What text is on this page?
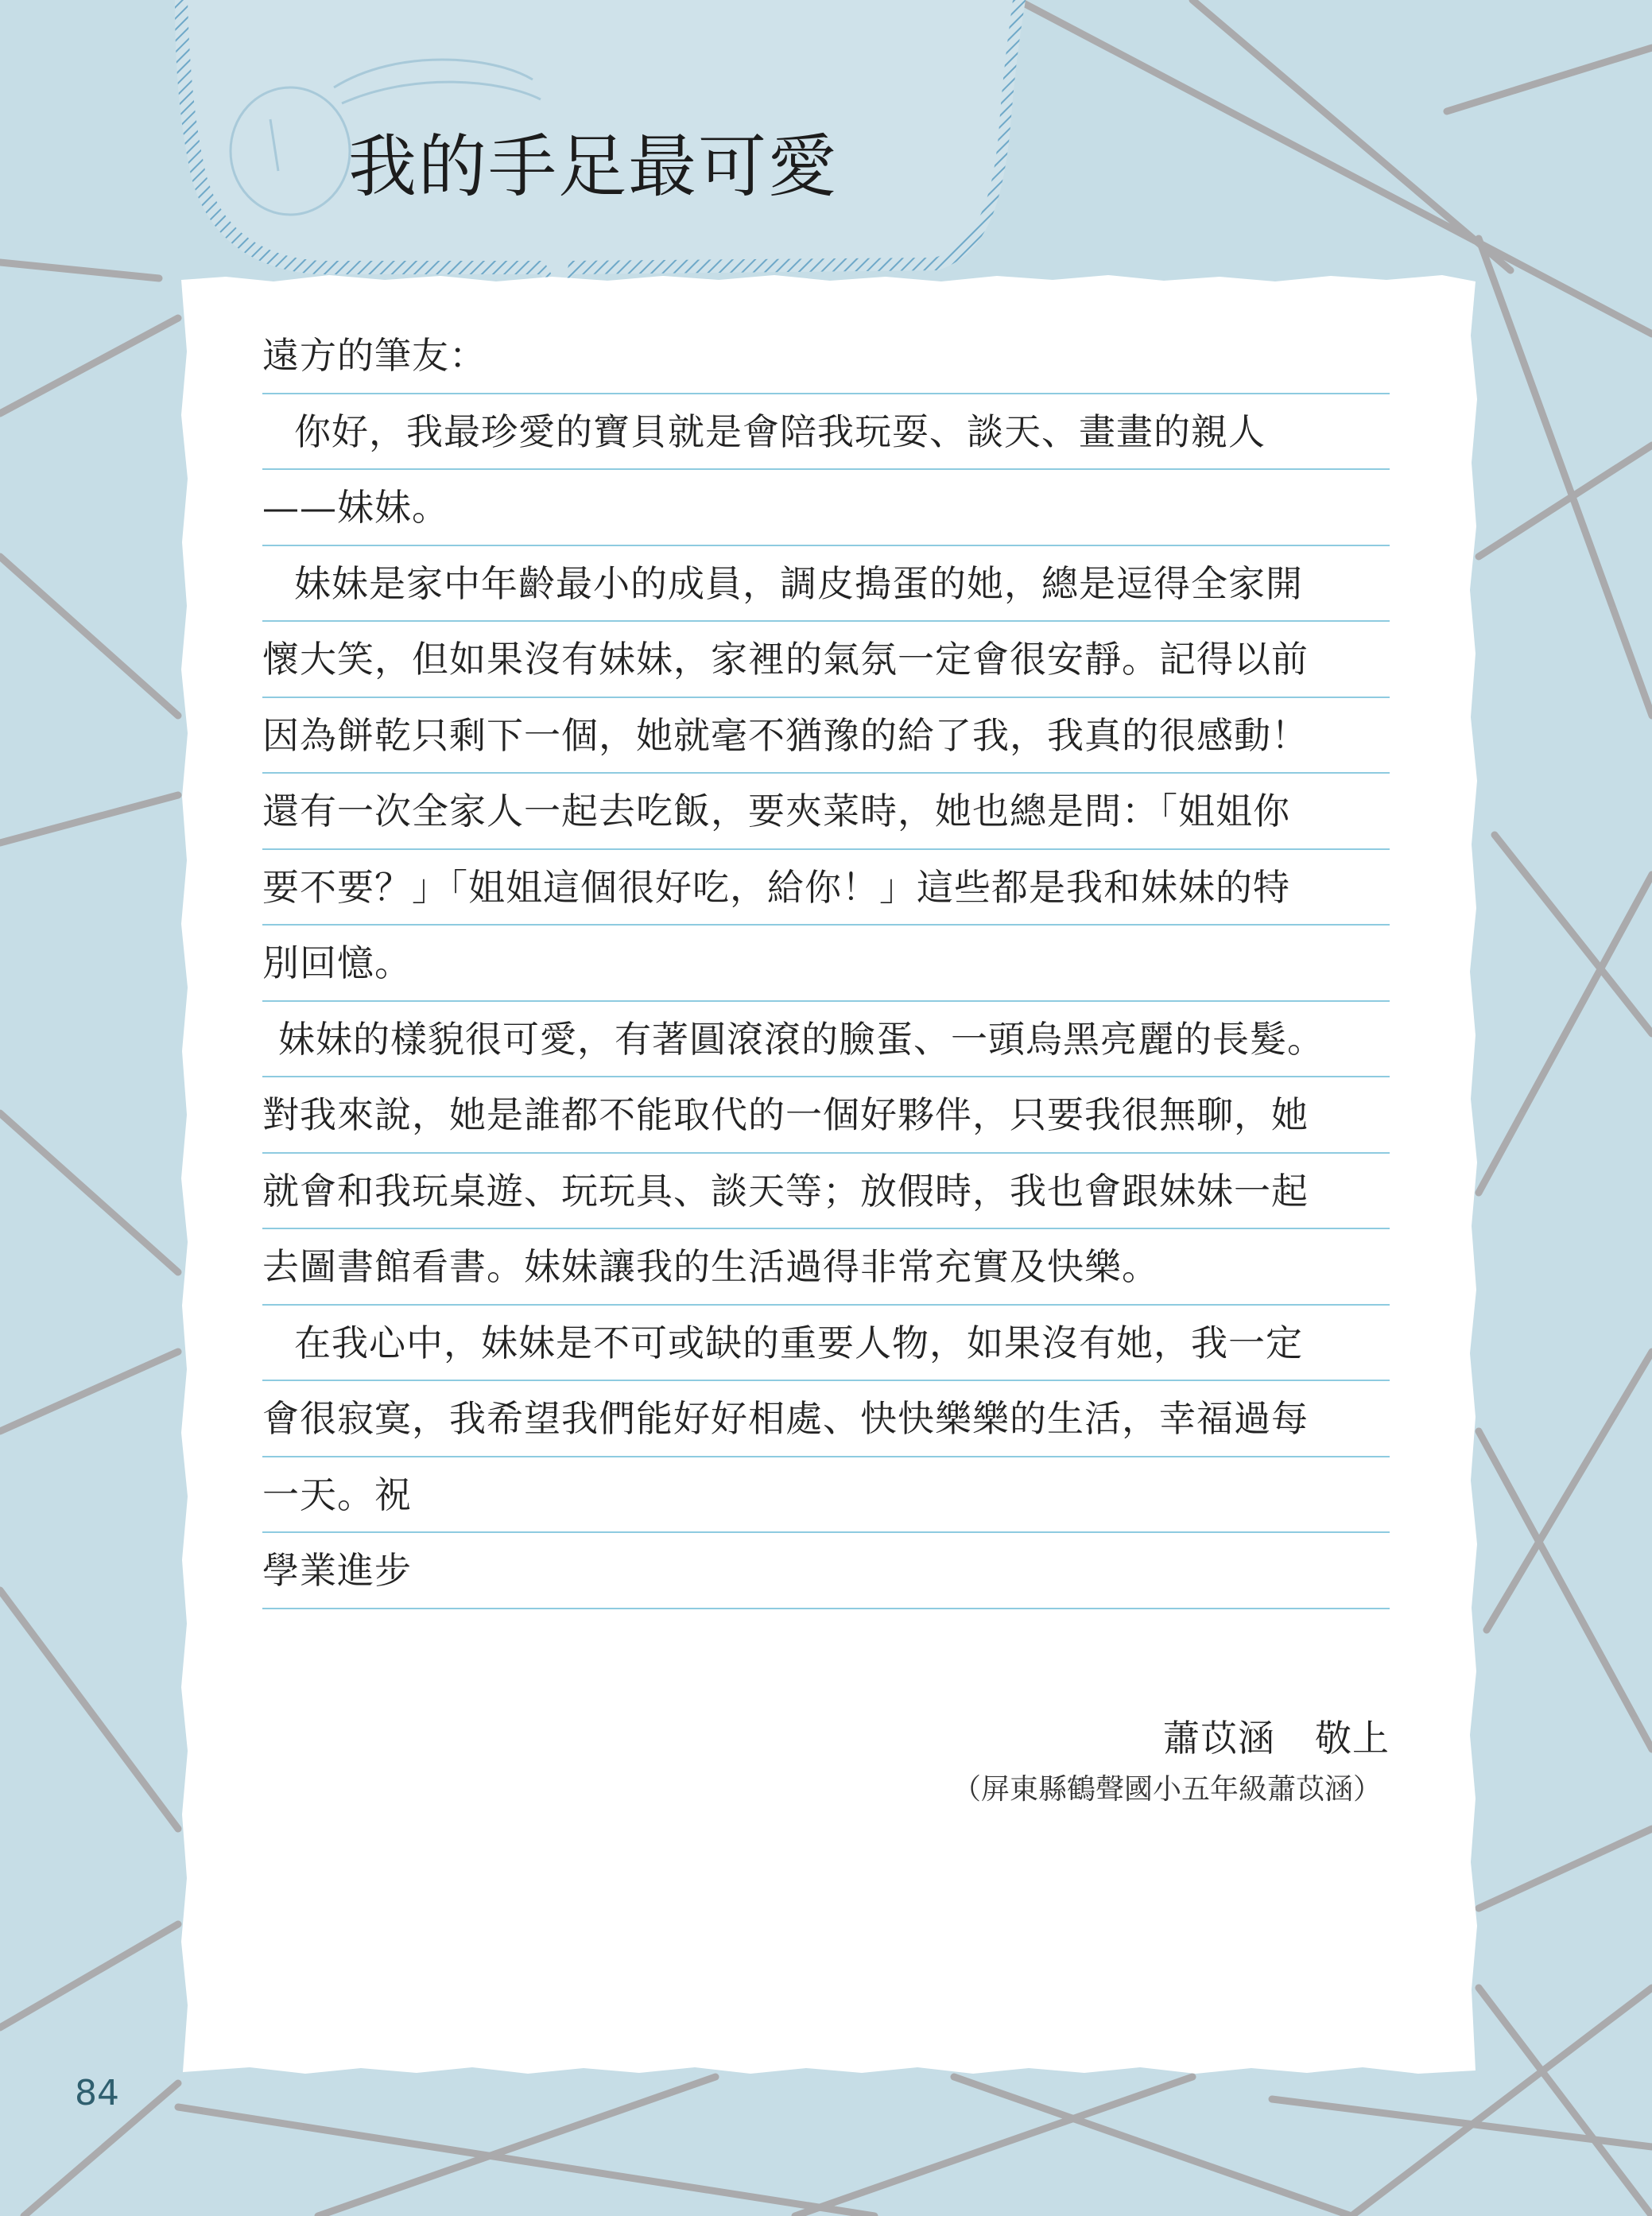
我的手足最可愛
遠方的筆友：
你好，我最珍愛的寶貝就是會陪我玩耍、談天、畫畫的親人
——妹妹。
妹妹是家中年齡最小的成員，調皮搗蛋的她，總是逗得全家開
懷大笑，但如果沒有妹妹，家裡的氣氛一定會很安靜。記得以前
因為餅乾只剩下一個，她就毫不猶豫的給了我，我真的很感動！
還有一次全家人一起去吃飯，要夾菜時，她也總是問：「姐姐你
要不要？」「姐姐這個很好吃，給你！」這些都是我和妹妹的特
別回憶。
妹妹的樣貌很可愛，有著圓滾滾的臉蛋、一頭烏黑亮麗的長髮。
對我來說，她是誰都不能取代的一個好夥伴，只要我很無聊，她
就會和我玩桌遊、玩玩具、談天等；放假時，我也會跟妹妹一起
去圖書館看書。妹妹讓我的生活過得非常充實及快樂。
在我心中，妹妹是不可或缺的重要人物，如果沒有她，我一定
會很寂寞，我希望我們能好好相處、快快樂樂的生活，幸福過每
一天。祝
學業進步
蕭苡涵 敬上
（屏東縣鶴聲國小五年級蕭苡涵）
84
